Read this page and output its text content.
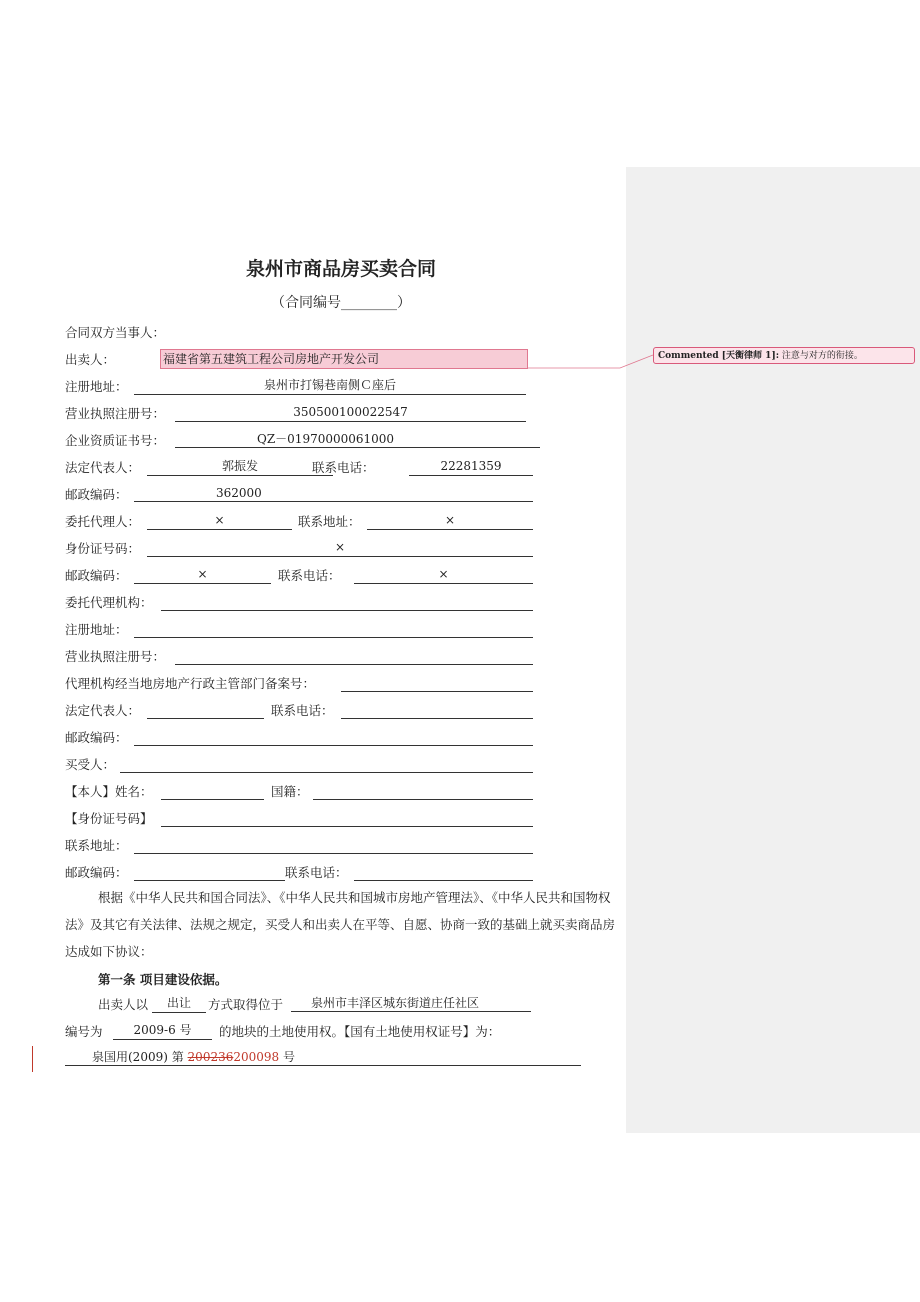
Commented [天衡律师 1]: 注意与对方的衔接。
泉州市商品房买卖合同
（合同编号________）
合同双方当事人：
出卖人：	福建省第五建筑工程公司房地产开发公司
注册地址：	泉州市打锡巷南侧Ｃ座后
营业执照注册号：	350500100022547
企业资质证书号：	QZ－01970000061000
法定代表人：	郭振发	联系电话：	22281359
邮政编码：	362000
委托代理人：	×	联系地址：	×
身份证号码：	×
邮政编码：	×	联系电话：	×
委托代理机构：
注册地址：
营业执照注册号：
代理机构经当地房地产行政主管部门备案号：
法定代表人：	联系电话：
邮政编码：
买受人：
【本人】姓名：	国籍：
【身份证号码】
联系地址：
邮政编码：	联系电话：
根据《中华人民共和国合同法》、《中华人民共和国城市房地产管理法》、《中华人民共和国物权法》及其它有关法律、法规之规定，买受人和出卖人在平等、自愿、协商一致的基础上就买卖商品房达成如下协议：
第一条 项目建设依据。
出卖人以	出让	方式取得位于	泉州市丰泽区城东街道庄任社区
编号为	2009-6 号	的地块的土地使用权。【国有土地使用权证号】为：
泉国用(2009) 第 200236200098 号
